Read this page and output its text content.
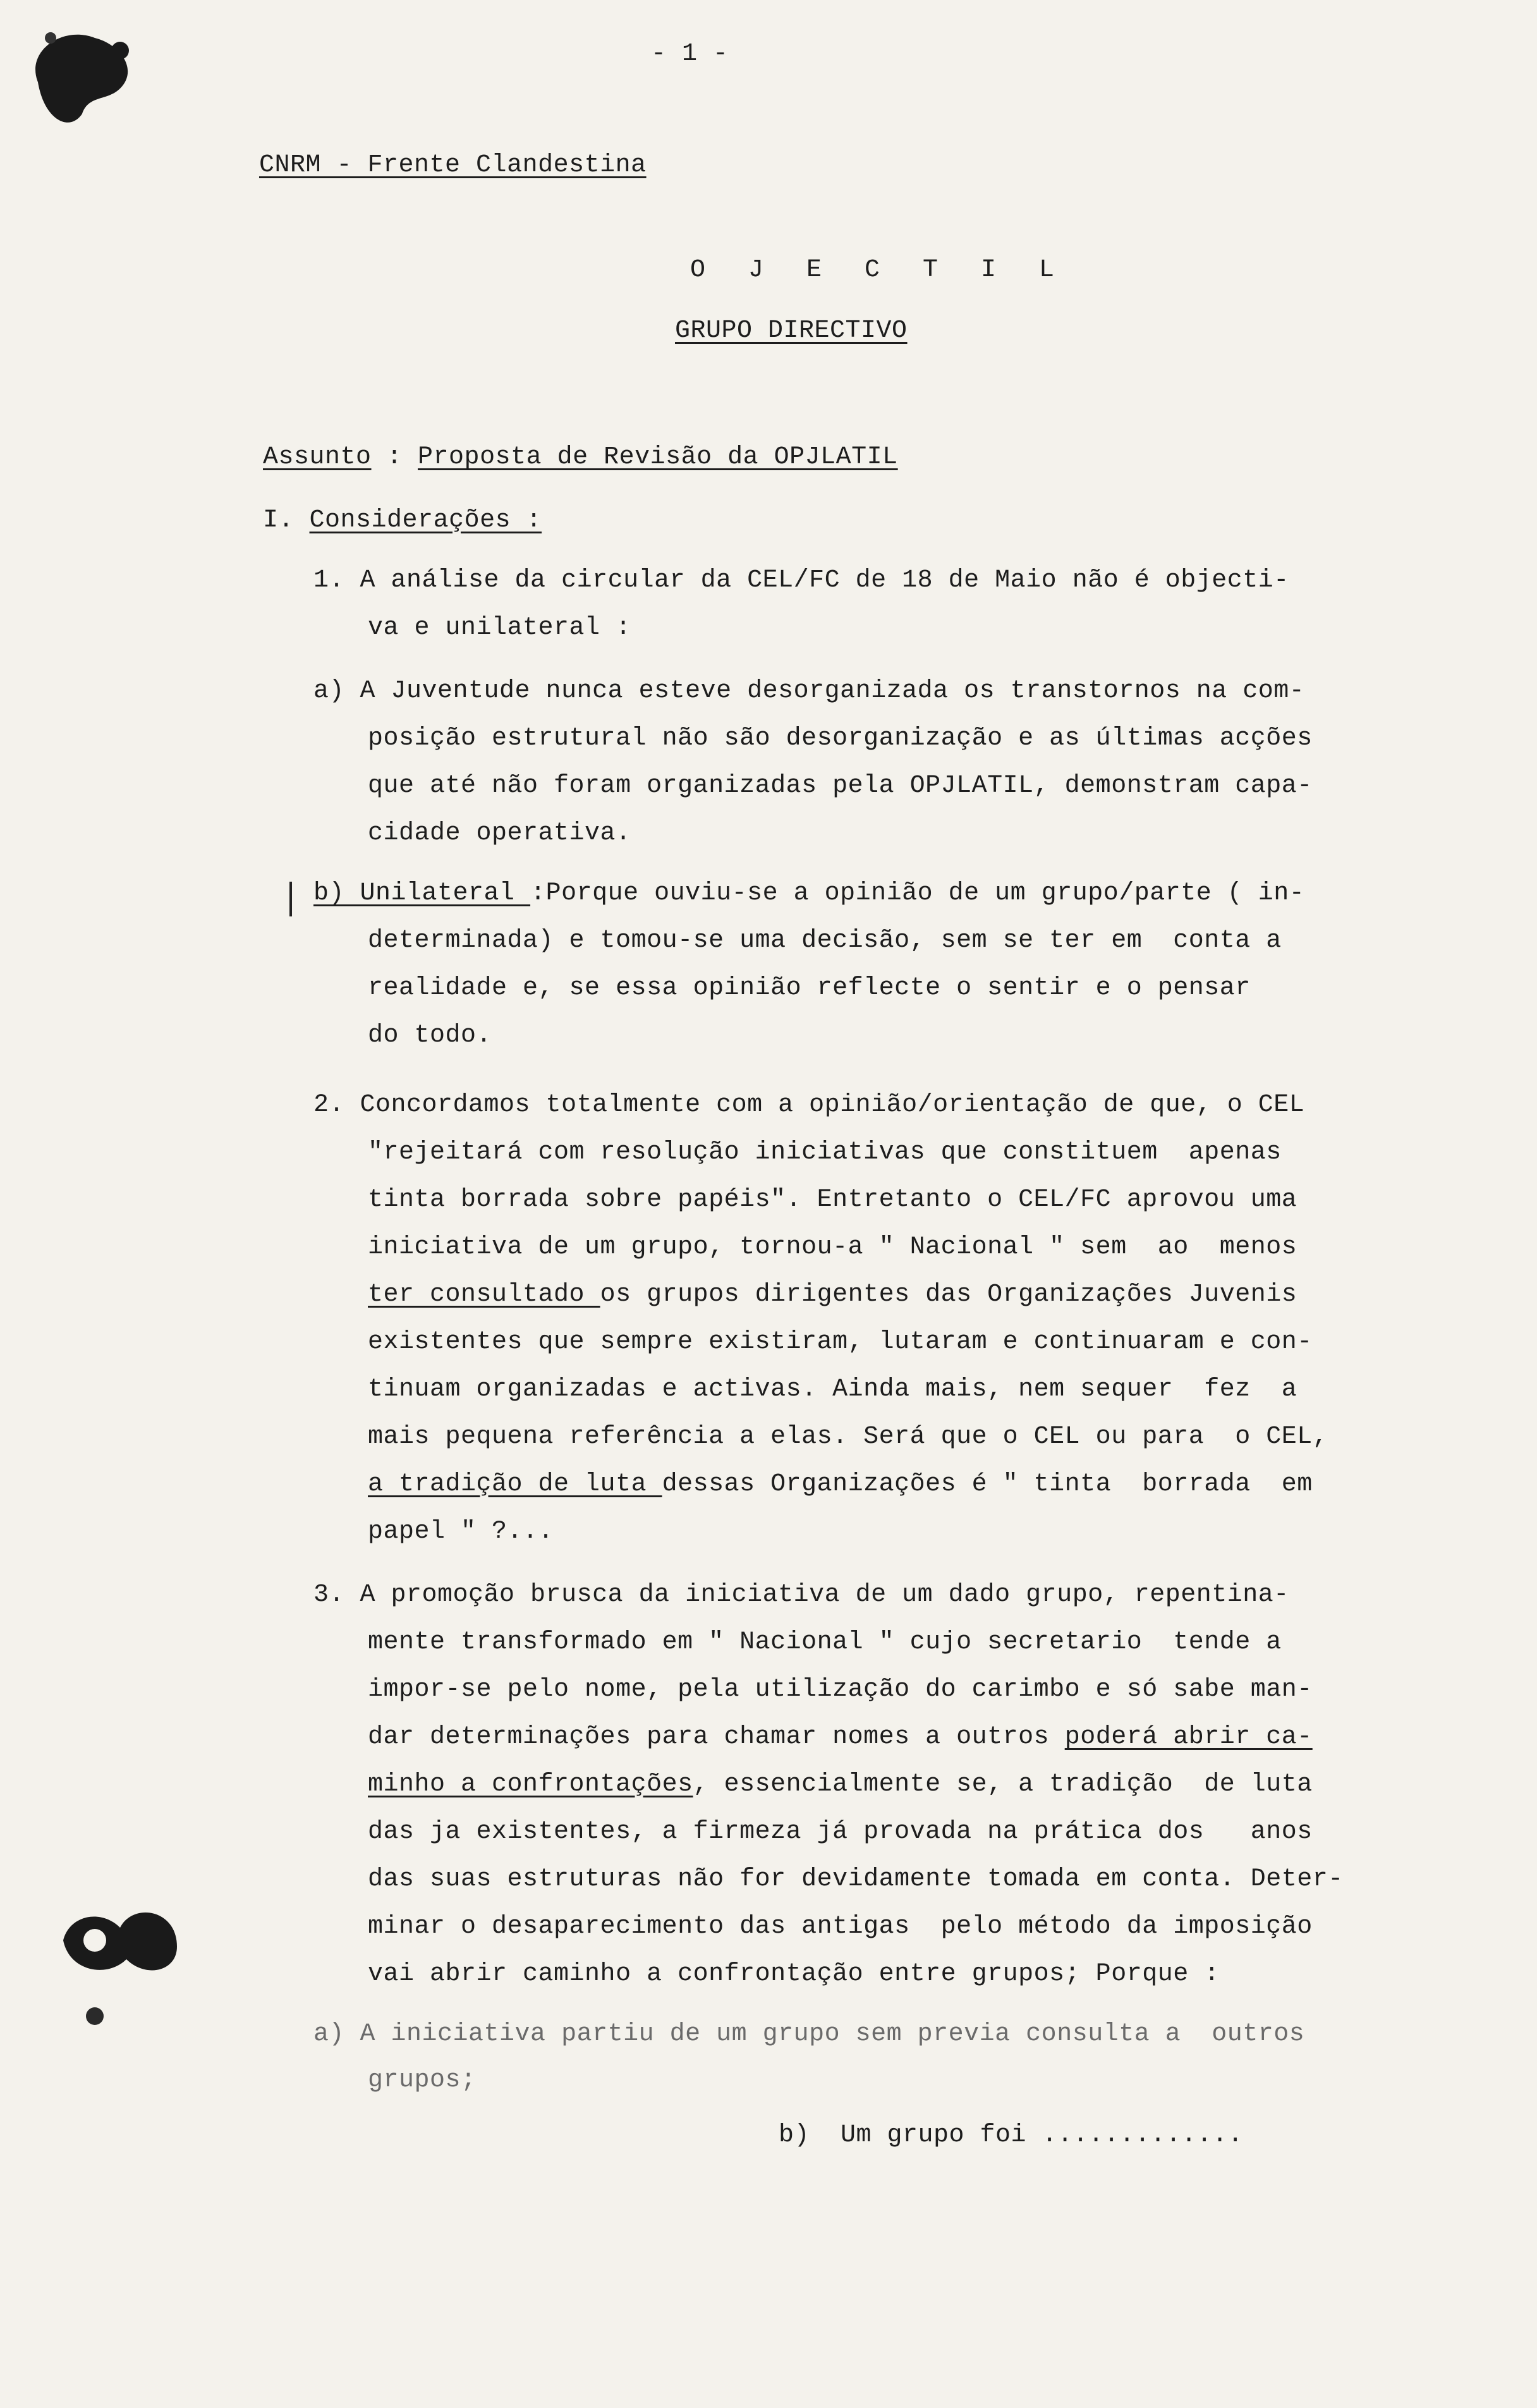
- 1 -
CNRM - Frente Clandestina
O J E C T I L
GRUPO DIRECTIVO
Assunto : Proposta de Revisão da OPJLATIL
I. Considerações :
1. A análise da circular da CEL/FC de 18 de Maio não é objecti-
va e unilateral :
a) A Juventude nunca esteve desorganizada os transtornos na com-
posição estrutural não são desorganização e as últimas acções
que até não foram organizadas pela OPJLATIL, demonstram capa-
cidade operativa.
b) Unilateral :Porque ouviu-se a opinião de um grupo/parte ( in-
determinada) e tomou-se uma decisão, sem se ter em  conta a
realidade e, se essa opinião reflecte o sentir e o pensar
do todo.
2. Concordamos totalmente com a opinião/orientação de que, o CEL
"rejeitará com resolução iniciativas que constituem  apenas
tinta borrada sobre papéis". Entretanto o CEL/FC aprovou uma
iniciativa de um grupo, tornou-a " Nacional " sem  ao  menos
ter consultado os grupos dirigentes das Organizações Juvenis
existentes que sempre existiram, lutaram e continuaram e con-
tinuam organizadas e activas. Ainda mais, nem sequer  fez  a
mais pequena referência a elas. Será que o CEL ou para  o CEL,
a tradição de luta dessas Organizações é " tinta  borrada  em
papel " ?...
3. A promoção brusca da iniciativa de um dado grupo, repentina-
mente transformado em " Nacional " cujo secretario  tende a
impor-se pelo nome, pela utilização do carimbo e só sabe man-
dar determinações para chamar nomes a outros poderá abrir ca-
minho a confrontações, essencialmente se, a tradição  de luta
das ja existentes, a firmeza já provada na prática dos   anos
das suas estruturas não for devidamente tomada em conta. Deter-
minar o desaparecimento das antigas  pelo método da imposição
vai abrir caminho a confrontação entre grupos; Porque :
a) A iniciativa partiu de um grupo sem previa consulta a  outros
grupos;
b)  Um grupo foi .............
